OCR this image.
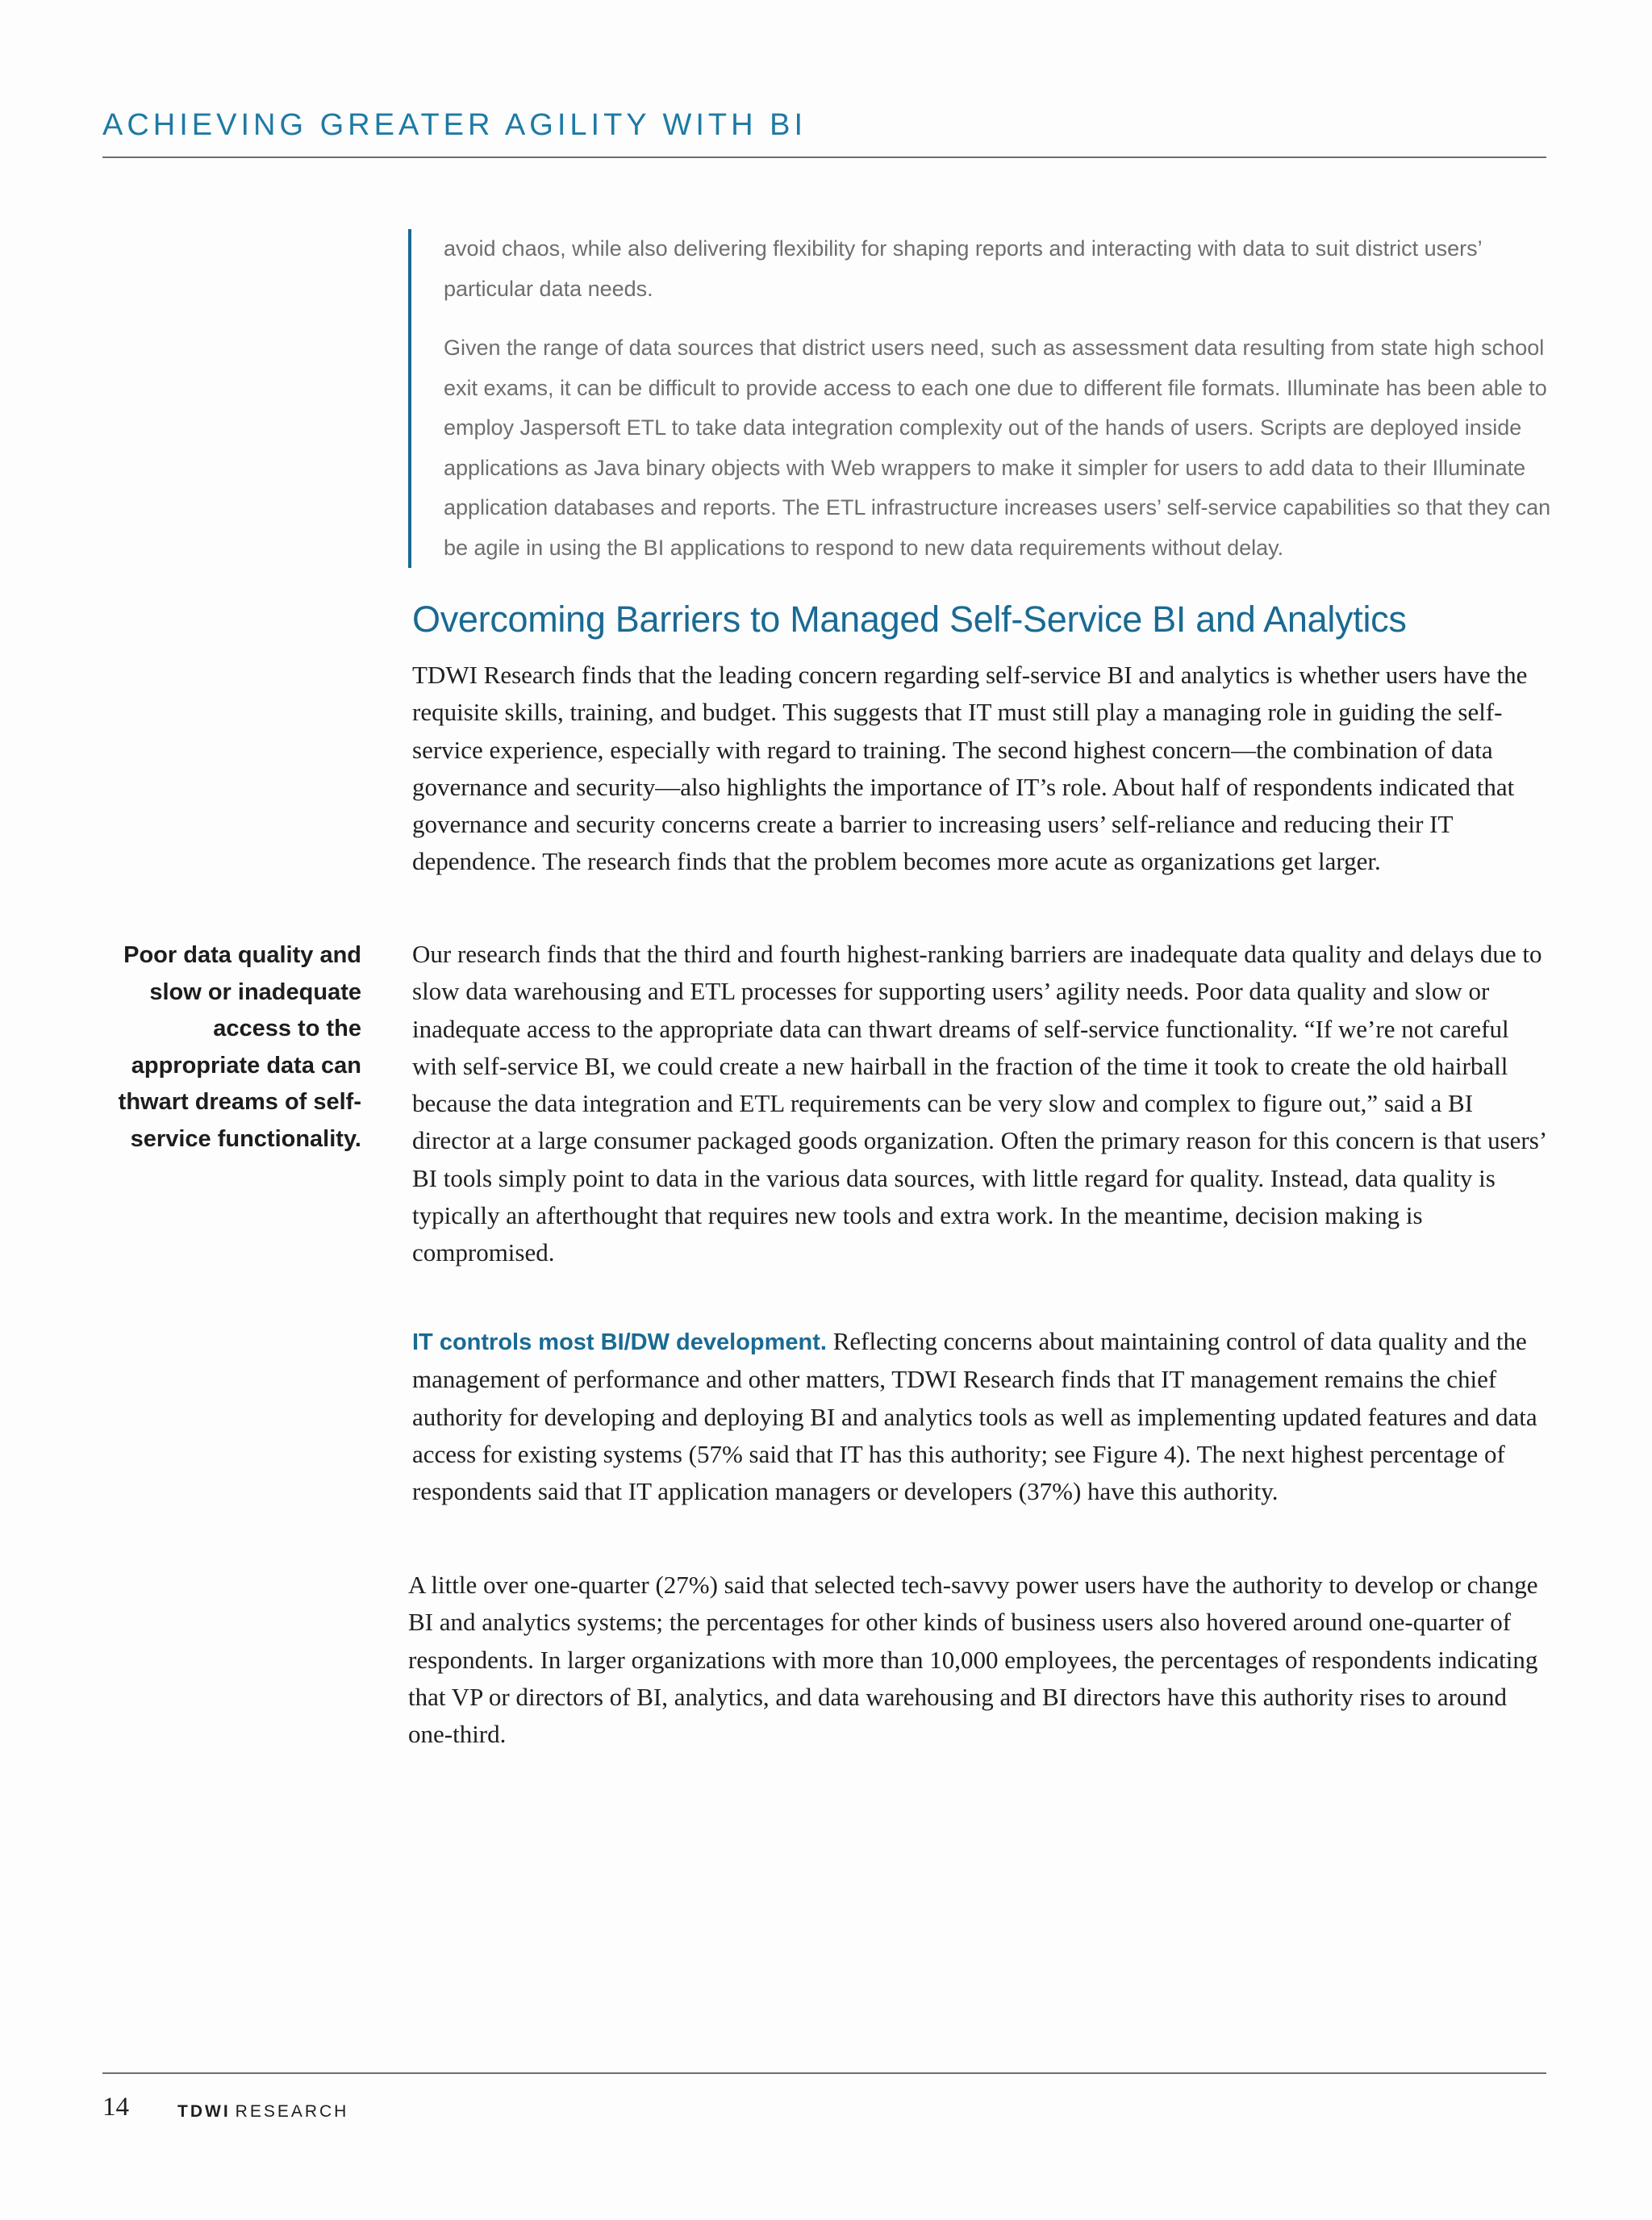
ACHIEVING GREATER AGILITY WITH BI

avoid chaos, while also delivering flexibility for shaping reports and interacting with data to suit district users’ particular data needs.

Given the range of data sources that district users need, such as assessment data resulting from state high school exit exams, it can be difficult to provide access to each one due to different file formats. Illuminate has been able to employ Jaspersoft ETL to take data integration complexity out of the hands of users. Scripts are deployed inside applications as Java binary objects with Web wrappers to make it simpler for users to add data to their Illuminate application databases and reports. The ETL infrastructure increases users’ self-service capabilities so that they can be agile in using the BI applications to respond to new data requirements without delay.

Overcoming Barriers to Managed Self-Service BI and Analytics

TDWI Research finds that the leading concern regarding self-service BI and analytics is whether users have the requisite skills, training, and budget. This suggests that IT must still play a managing role in guiding the self-service experience, especially with regard to training. The second highest concern—the combination of data governance and security—also highlights the importance of IT’s role. About half of respondents indicated that governance and security concerns create a barrier to increasing users’ self-reliance and reducing their IT dependence. The research finds that the problem becomes more acute as organizations get larger.

Poor data quality and slow or inadequate access to the appropriate data can thwart dreams of self-service functionality.

Our research finds that the third and fourth highest-ranking barriers are inadequate data quality and delays due to slow data warehousing and ETL processes for supporting users’ agility needs. Poor data quality and slow or inadequate access to the appropriate data can thwart dreams of self-service functionality. “If we’re not careful with self-service BI, we could create a new hairball in the fraction of the time it took to create the old hairball because the data integration and ETL requirements can be very slow and complex to figure out,” said a BI director at a large consumer packaged goods organization. Often the primary reason for this concern is that users’ BI tools simply point to data in the various data sources, with little regard for quality. Instead, data quality is typically an afterthought that requires new tools and extra work. In the meantime, decision making is compromised.

IT controls most BI/DW development. Reflecting concerns about maintaining control of data quality and the management of performance and other matters, TDWI Research finds that IT management remains the chief authority for developing and deploying BI and analytics tools as well as implementing updated features and data access for existing systems (57% said that IT has this authority; see Figure 4). The next highest percentage of respondents said that IT application managers or developers (37%) have this authority.

A little over one-quarter (27%) said that selected tech-savvy power users have the authority to develop or change BI and analytics systems; the percentages for other kinds of business users also hovered around one-quarter of respondents. In larger organizations with more than 10,000 employees, the percentages of respondents indicating that VP or directors of BI, analytics, and data warehousing and BI directors have this authority rises to around one-third.

14	TDWI RESEARCH
